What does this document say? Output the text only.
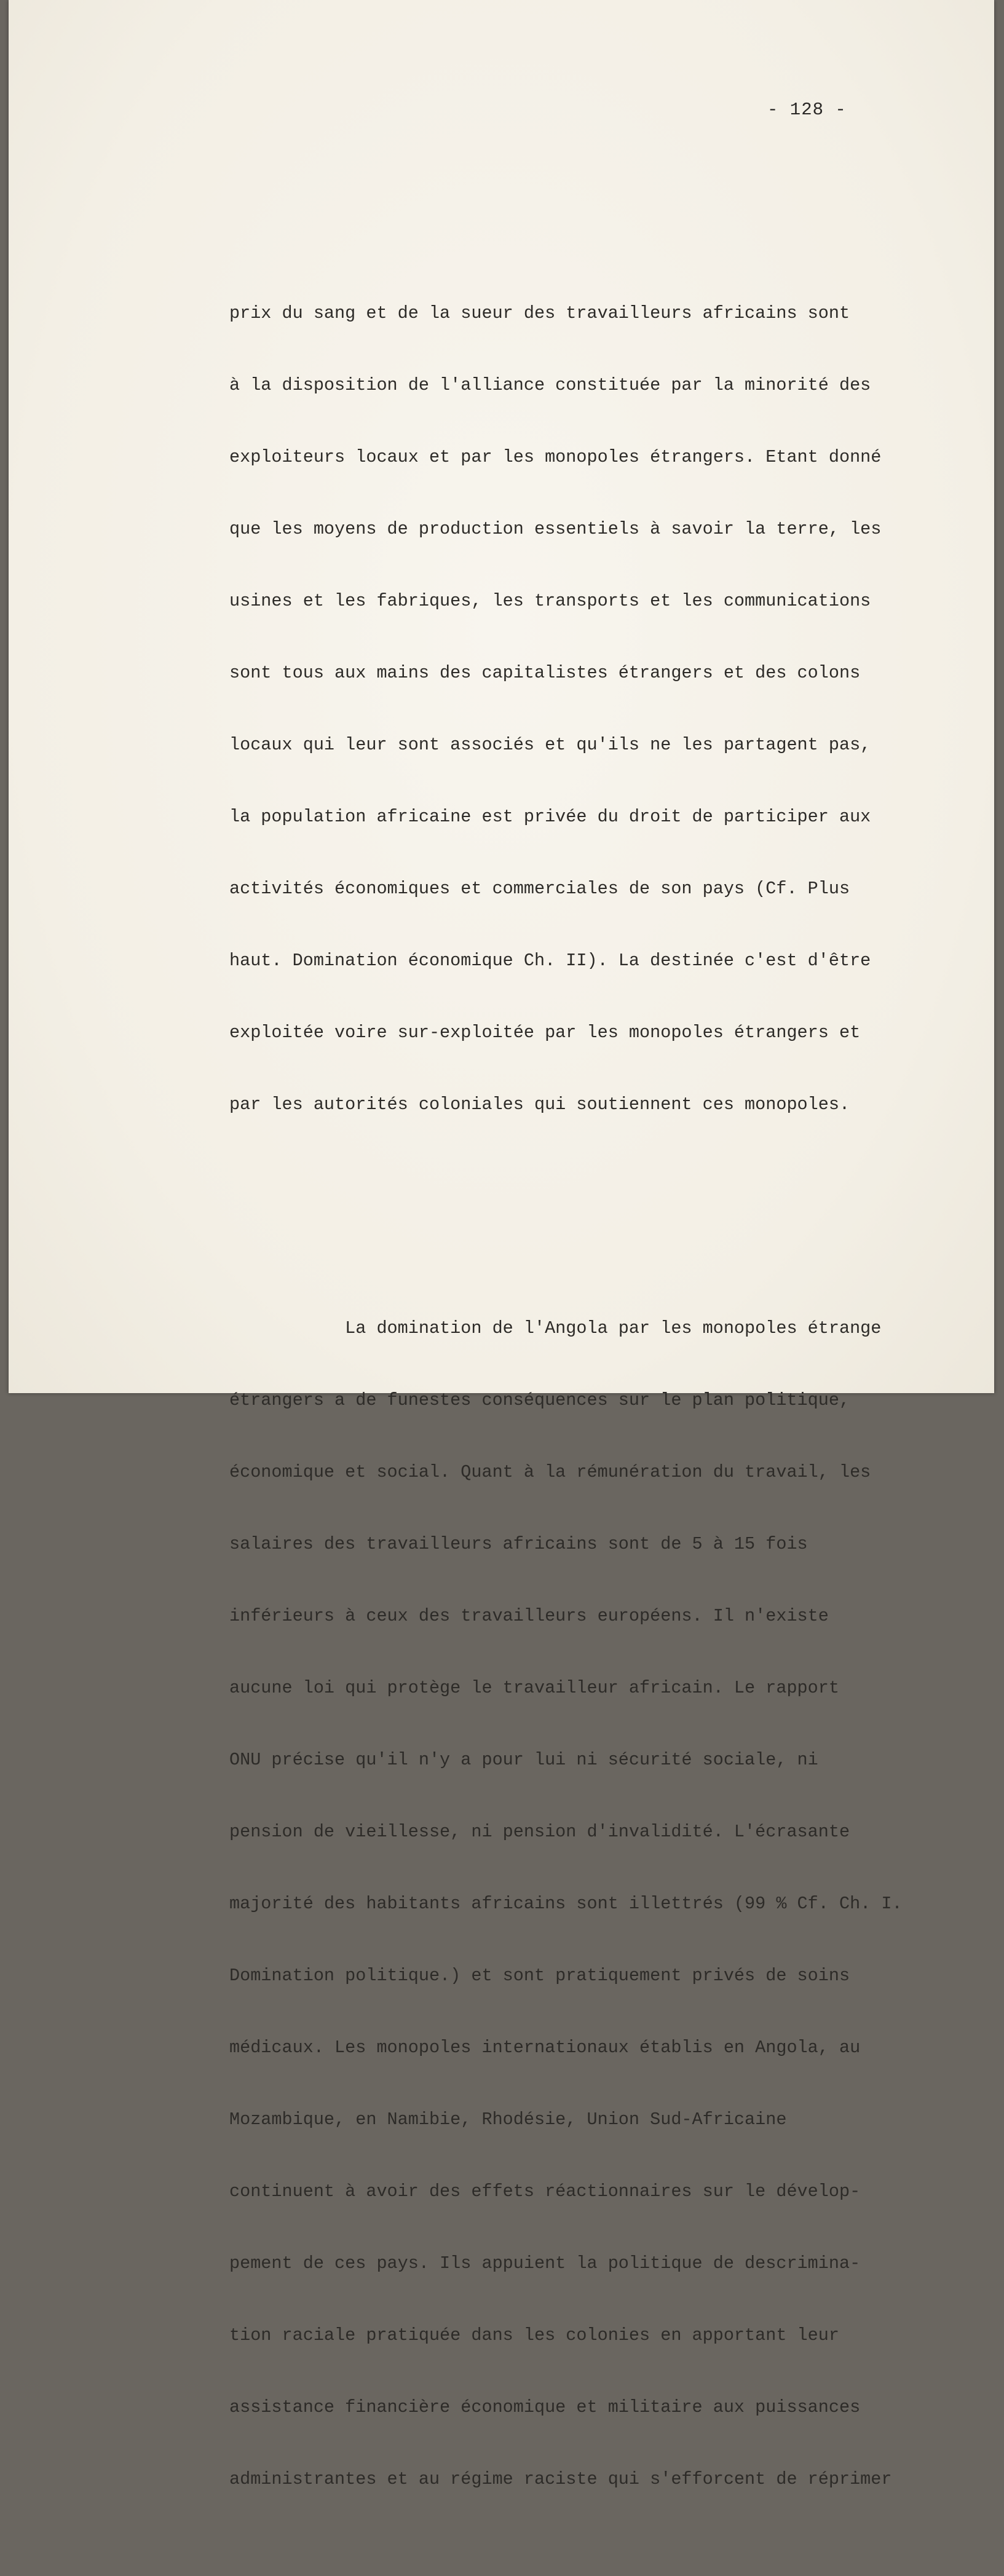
- 128 -

prix du sang et de la sueur des travailleurs africains sont

à la disposition de l'alliance constituée par la minorité des

exploiteurs locaux et par les monopoles étrangers. Etant donné

que les moyens de production essentiels à savoir la terre, les

usines et les fabriques, les transports et les communications

sont tous aux mains des capitalistes étrangers et des colons

locaux qui leur sont associés et qu'ils ne les partagent pas,

la population africaine est privée du droit de participer aux

activités économiques et commerciales de son pays (Cf. Plus

haut. Domination économique Ch. II). La destinée c'est d'être

exploitée voire sur-exploitée par les monopoles étrangers et

par les autorités coloniales qui soutiennent ces monopoles.

La domination de l'Angola par les monopoles étrange

étrangers a de funestes conséquences sur le plan politique,

économique et social. Quant à la rémunération du travail, les

salaires des travailleurs africains sont de 5 à 15 fois

inférieurs à ceux des travailleurs européens. Il n'existe

aucune loi qui protège le travailleur africain. Le rapport

ONU précise qu'il n'y a pour lui ni sécurité sociale, ni

pension de vieillesse, ni pension d'invalidité. L'écrasante

majorité des habitants africains sont illettrés (99 % Cf. Ch. I.

Domination politique.) et sont pratiquement privés de soins

médicaux. Les monopoles internationaux établis en Angola, au

Mozambique, en Namibie, Rhodésie, Union Sud-Africaine

continuent à avoir des effets réactionnaires sur le dévelop-

pement de ces pays. Ils appuient la politique de descrimina-

tion raciale pratiquée dans les colonies en apportant leur

assistance financière économique et militaire aux puissances

administrantes et au régime raciste qui s'efforcent de réprimer
